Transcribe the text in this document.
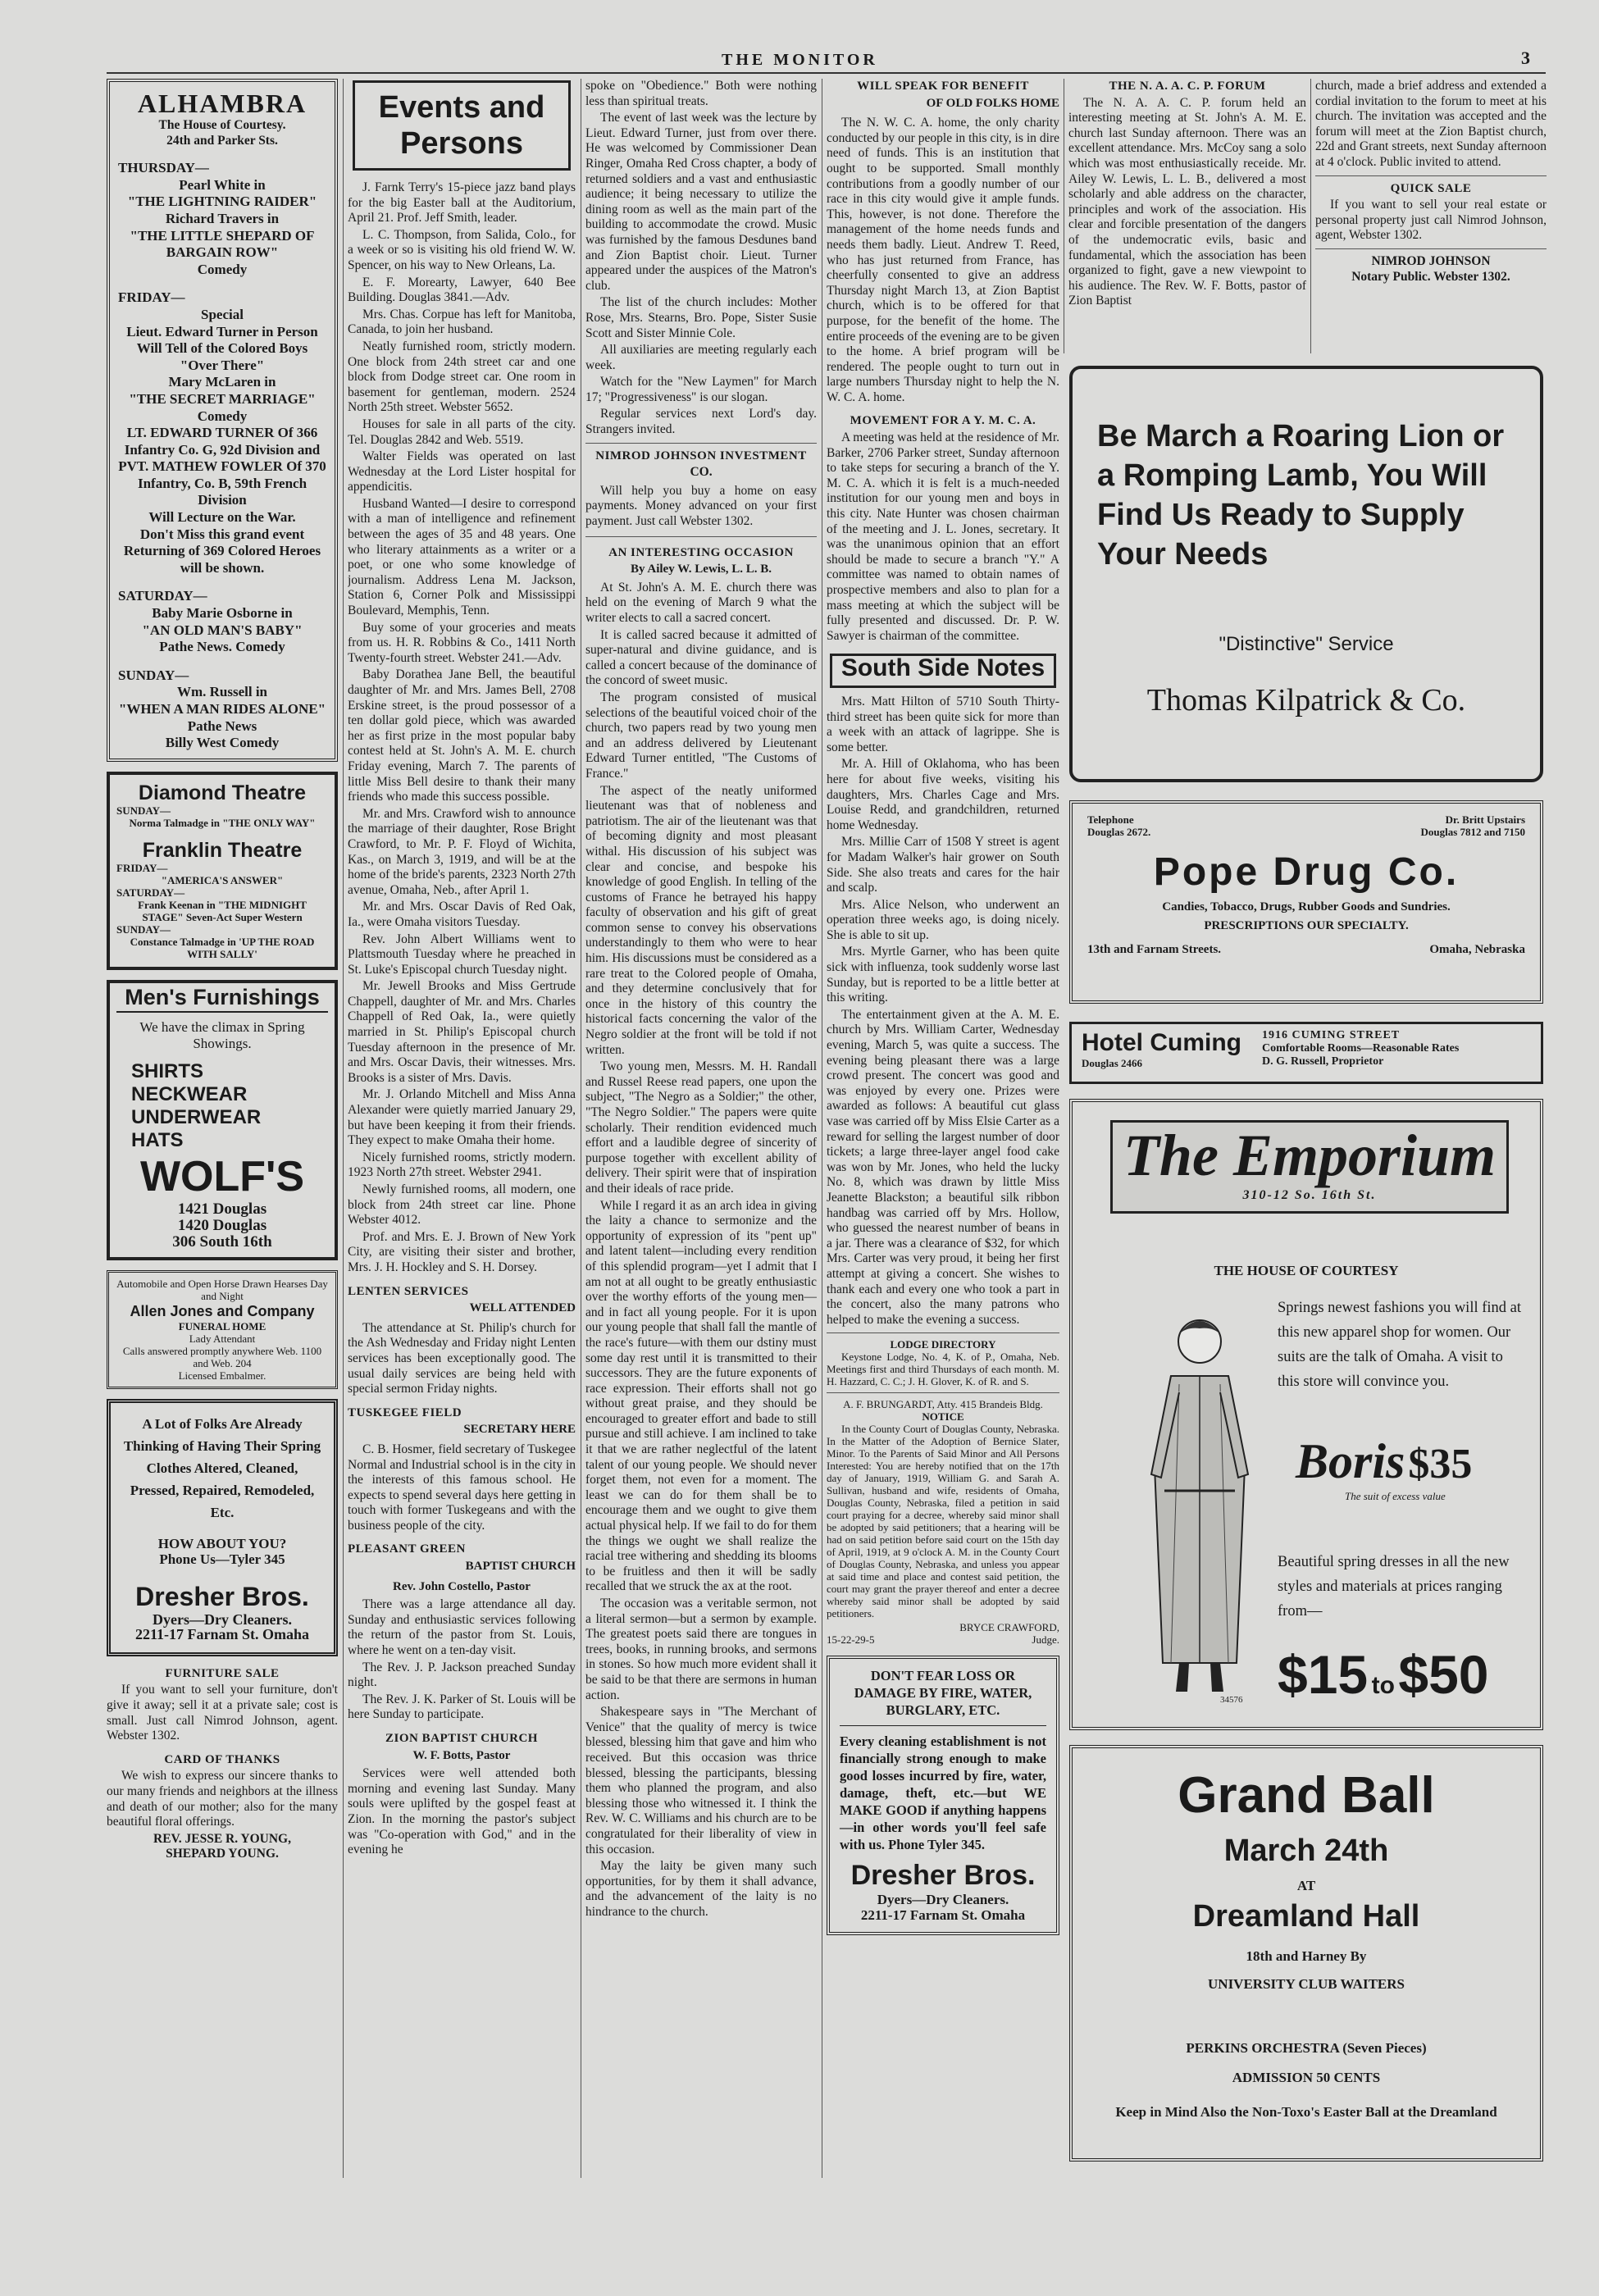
THE MONITOR	3
ALHAMBRA
The House of Courtesy.
24th and Parker Sts.
THURSDAY—
Pearl White in
"THE LIGHTNING RAIDER"
Richard Travers in
"THE LITTLE SHEPARD OF BARGAIN ROW"
Comedy
FRIDAY—
Special
Lieut. Edward Turner in Person Will Tell of the Colored Boys "Over There"
Mary McLaren in
"THE SECRET MARRIAGE"
Comedy
LT. EDWARD TURNER Of 366 Infantry Co. G, 92d Division and
PVT. MATHEW FOWLER Of 370 Infantry, Co. B, 59th French Division
Will Lecture on the War.
Don't Miss this grand event Returning of 369 Colored Heroes will be shown.
SATURDAY—
Baby Marie Osborne in
"AN OLD MAN'S BABY"
Pathe News. Comedy
SUNDAY—
Wm. Russell in
"WHEN A MAN RIDES ALONE"
Pathe News
Billy West Comedy
Diamond Theatre
SUNDAY—
Norma Talmadge in "THE ONLY WAY"
Franklin Theatre
FRIDAY—
"AMERICA'S ANSWER"
SATURDAY—
Frank Keenan in "THE MIDNIGHT STAGE" Seven-Act Super Western
SUNDAY—
Constance Talmadge in 'UP THE ROAD WITH SALLY'
Men's Furnishings
We have the climax in Spring Showings.
SHIRTS
NECKWEAR
UNDERWEAR
HATS
WOLF'S
1421 Douglas
1420 Douglas
306 South 16th
Automobile and Open Horse Drawn Hearses Day and Night
Allen Jones and Company
FUNERAL HOME
Lady Attendant
Calls answered promptly anywhere Web. 1100 and Web. 204
Licensed Embalmer.
A Lot of Folks Are Already Thinking of Having Their Spring Clothes Altered, Cleaned, Pressed, Repaired, Remodeled, Etc.
HOW ABOUT YOU?
Phone Us—Tyler 345
Dresher Bros.
Dyers—Dry Cleaners.
2211-17 Farnam St. Omaha
FURNITURE SALE

If you want to sell your furniture, don't give it away; sell it at a private sale; cost is small. Just call Nimrod Johnson, agent. Webster 1302.

CARD OF THANKS

We wish to express our sincere thanks to our many friends and neighbors at the illness and death of our mother; also for the many beautiful floral offerings.

REV. JESSE R. YOUNG,
SHEPARD YOUNG.
Events and
Persons

J. Farnk Terry's 15-piece jazz band plays for the big Easter ball at the Auditorium, April 21. Prof. Jeff Smith, leader.

L. C. Thompson, from Salida, Colo., for a week or so is visiting his old friend W. W. Spencer, on his way to New Orleans, La.

E. F. Morearty, Lawyer, 640 Bee Building. Douglas 3841.—Adv.

Mrs. Chas. Corpue has left for Manitoba, Canada, to join her husband.

Neatly furnished room, strictly modern. One block from 24th street car and one block from Dodge street car. One room in basement for gentleman, modern. 2524 North 25th street. Webster 5652.

Houses for sale in all parts of the city. Tel. Douglas 2842 and Web. 5519.

Walter Fields was operated on last Wednesday at the Lord Lister hospital for appendicitis.

Husband Wanted—I desire to correspond with a man of intelligence and refinement between the ages of 35 and 48 years. One who literary attainments as a writer or a poet, or one who some knowledge of journalism. Address Lena M. Jackson, Station 6, Corner Polk and Mississippi Boulevard, Memphis, Tenn.

Buy some of your groceries and meats from us. H. R. Robbins & Co., 1411 North Twenty-fourth street. Webster 241.—Adv.

Baby Dorathea Jane Bell, the beautiful daughter of Mr. and Mrs. James Bell, 2708 Erskine street, is the proud possessor of a ten dollar gold piece, which was awarded her as first prize in the most popular baby contest held at St. John's A. M. E. church Friday evening, March 7. The parents of little Miss Bell desire to thank their many friends who made this success possible.

Mr. and Mrs. Crawford wish to announce the marriage of their daughter, Rose Bright Crawford, to Mr. P. F. Floyd of Wichita, Kas., on March 3, 1919, and will be at the home of the bride's parents, 2323 North 27th avenue, Omaha, Neb., after April 1.

Mr. and Mrs. Oscar Davis of Red Oak, Ia., were Omaha visitors Tuesday.

Rev. John Albert Williams went to Plattsmouth Tuesday where he preached in St. Luke's Episcopal church Tuesday night.

Mr. Jewell Brooks and Miss Gertrude Chappell, daughter of Mr. and Mrs. Charles Chappell of Red Oak, Ia., were quietly married in St. Philip's Episcopal church Tuesday afternoon in the presence of Mr. and Mrs. Oscar Davis, their witnesses. Mrs. Brooks is a sister of Mrs. Davis.

Mr. J. Orlando Mitchell and Miss Anna Alexander were quietly married January 29, but have been keeping it from their friends. They expect to make Omaha their home.

Nicely furnished rooms, strictly modern. 1923 North 27th street. Webster 2941.

Newly furnished rooms, all modern, one block from 24th street car line. Phone Webster 4012.

Prof. and Mrs. E. J. Brown of New York City, are visiting their sister and brother, Mrs. J. H. Hockley and S. H. Dorsey.

LENTEN SERVICES
WELL ATTENDED

The attendance at St. Philip's church for the Ash Wednesday and Friday night Lenten services has been exceptionally good. The usual daily services are being held with special sermon Friday nights.

TUSKEGEE FIELD
SECRETARY HERE

C. B. Hosmer, field secretary of Tuskegee Normal and Industrial school is in the city in the interests of this famous school. He expects to spend several days here getting in touch with former Tuskegeans and with the business people of the city.

PLEASANT GREEN
BAPTIST CHURCH
Rev. John Costello, Pastor

There was a large attendance all day. Sunday and enthusiastic services following the return of the pastor from St. Louis, where he went on a ten-day visit.

The Rev. J. P. Jackson preached Sunday night.

The Rev. J. K. Parker of St. Louis will be here Sunday to participate.

ZION BAPTIST CHURCH
W. F. Botts, Pastor

Services were well attended both morning and evening last Sunday. Many souls were uplifted by the gospel feast at Zion. In the morning the pastor's subject was "Co-operation with God," and in the evening he

spoke on "Obedience." Both were nothing less than spiritual treats.

The event of last week was the lecture by Lieut. Edward Turner, just from over there. He was welcomed by Commissioner Dean Ringer, Omaha Red Cross chapter, a body of returned soldiers and a vast and enthusiastic audience; it being necessary to utilize the dining room as well as the main part of the building to accommodate the crowd. Music was furnished by the famous Desdunes band and Zion Baptist choir. Lieut. Turner appeared under the auspices of the Matron's club.

The list of the church includes: Mother Rose, Mrs. Stearns, Bro. Pope, Sister Susie Scott and Sister Minnie Cole.

All auxiliaries are meeting regularly each week.

Watch for the "New Laymen" for March 17; "Progressiveness" is our slogan.

Regular services next Lord's day. Strangers invited.

NIMROD JOHNSON INVESTMENT
CO.

Will help you buy a home on easy payments. Money advanced on your first payment. Just call Webster 1302.

AN INTERESTING OCCASION
By Ailey W. Lewis, L. L. B.

At St. John's A. M. E. church there was held on the evening of March 9 what the writer elects to call a sacred concert.

It is called sacred because it admitted of super-natural and divine guidance, and is called a concert because of the dominance of the concord of sweet music.

The program consisted of musical selections of the beautiful voiced choir of the church, two papers read by two young men and an address delivered by Lieutenant Edward Turner entitled, "The Customs of France."

The aspect of the neatly uniformed lieutenant was that of nobleness and patriotism. The air of the lieutenant was that of becoming dignity and most pleasant withal. His discussion of his subject was clear and concise, and bespoke his knowledge of good English. In telling of the customs of France he betrayed his happy faculty of observation and his gift of great common sense to convey his observations understandingly to them who were to hear him. His discussions must be considered as a rare treat to the Colored people of Omaha, and they determine conclusively that for once in the history of this country the historical facts concerning the valor of the Negro soldier at the front will be told if not written.

Two young men, Messrs. M. H. Randall and Russel Reese read papers, one upon the subject, "The Negro as a Soldier;" the other, "The Negro Soldier." The papers were quite scholarly. Their rendition evidenced much effort and a laudible degree of sincerity of purpose together with excellent ability of delivery. Their spirit were that of inspiration and their ideals of race pride.

While I regard it as an arch idea in giving the laity a chance to sermonize and the opportunity of expression of its "pent up" and latent talent—including every rendition of this splendid program—yet I admit that I am not at all ought to be greatly enthusiastic over the worthy efforts of the young men—and in fact all young people. For it is upon our young people that shall fall the mantle of the race's future—with them our dstiny must some day rest until it is transmitted to their successors. They are the future exponents of race expression. Their efforts shall not go without great praise, and they should be encouraged to greater effort and bade to still pursue and still achieve. I am inclined to take it that we are rather neglectful of the latent talent of our young people. We should never forget them, not even for a moment. The least we can do for them shall be to encourage them and we ought to give them actual physical help. If we fail to do for them the things we ought we shall realize the racial tree withering and shedding its blooms to be fruitless and then it will be sadly recalled that we struck the ax at the root.

The occasion was a veritable sermon, not a literal sermon—but a sermon by example. The greatest poets said there are tongues in trees, books, in running brooks, and sermons in stones. So how much more evident shall it be said to be that there are sermons in human action.

Shakespeare says in "The Merchant of Venice" that the quality of mercy is twice blessed, blessing him that gave and him who received. But this occasion was thrice blessed, blessing the participants, blessing them who planned the program, and also blessing those who witnessed it. I think the Rev. W. C. Williams and his church are to be congratulated for their liberality of view in this occasion.

May the laity be given many such opportunities, for by them it shall advance, and the advancement of the laity is no hindrance to the church.

WILL SPEAK FOR BENEFIT
OF OLD FOLKS HOME

The N. W. C. A. home, the only charity conducted by our people in this city, is in dire need of funds. This is an institution that ought to be supported. Small monthly contributions from a goodly number of our race in this city would give it ample funds. This, however, is not done. Therefore the management of the home needs funds and needs them badly. Lieut. Andrew T. Reed, who has just returned from France, has cheerfully consented to give an address Thursday night March 13, at Zion Baptist church, which is to be offered for that purpose, for the benefit of the home. The entire proceeds of the evening are to be given to the home. A brief program will be rendered. The people ought to turn out in large numbers Thursday night to help the N. W. C. A. home.

MOVEMENT FOR A Y. M. C. A.

A meeting was held at the residence of Mr. Barker, 2706 Parker street, Sunday afternoon to take steps for securing a branch of the Y. M. C. A. which it is felt is a much-needed institution for our young men and boys in this city. Nate Hunter was chosen chairman of the meeting and J. L. Jones, secretary. It was the unanimous opinion that an effort should be made to secure a branch "Y." A committee was named to obtain names of prospective members and also to plan for a mass meeting at which the subject will be fully presented and discussed. Dr. P. W. Sawyer is chairman of the committee.

South Side Notes

Mrs. Matt Hilton of 5710 South Thirty-third street has been quite sick for more than a week with an attack of lagrippe. She is some better.

Mr. A. Hill of Oklahoma, who has been here for about five weeks, visiting his daughters, Mrs. Charles Cage and Mrs. Louise Redd, and grandchildren, returned home Wednesday.

Mrs. Millie Carr of 1508 Y street is agent for Madam Walker's hair grower on South Side. She also treats and cares for the hair and scalp.

Mrs. Alice Nelson, who underwent an operation three weeks ago, is doing nicely. She is able to sit up.

Mrs. Myrtle Garner, who has been quite sick with influenza, took suddenly worse last Sunday, but is reported to be a little better at this writing.

The entertainment given at the A. M. E. church by Mrs. William Carter, Wednesday evening, March 5, was quite a success. The evening being pleasant there was a large crowd present. The concert was good and was enjoyed by every one. Prizes were awarded as follows: A beautiful cut glass vase was carried off by Miss Elsie Carter as a reward for selling the largest number of door tickets; a large three-layer angel food cake was won by Mr. Jones, who held the lucky No. 8, which was drawn by little Miss Jeanette Blackston; a beautiful silk ribbon handbag was carried off by Mrs. Hollow, who guessed the nearest number of beans in a jar. There was a clearance of $32, for which Mrs. Carter was very proud, it being her first attempt at giving a concert. She wishes to thank each and every one who took a part in the concert, also the many patrons who helped to make the evening a success.

LODGE DIRECTORY

Keystone Lodge, No. 4, K. of P., Omaha, Neb. Meetings first and third Thursdays of each month. M. H. Hazzard, C. C.; J. H. Glover, K. of R. and S.

A. F. BRUNGARDT, Atty. 415 Brandeis Bldg.
NOTICE

In the County Court of Douglas County, Nebraska. In the Matter of the Adoption of Bernice Slater, Minor. To the Parents of Said Minor and All Persons Interested: You are hereby notified that on the 17th day of January, 1919, William G. and Sarah A. Sullivan, husband and wife, residents of Omaha, Douglas County, Nebraska, filed a petition in said court praying for a decree, whereby said minor shall be adopted by said petitioners; that a hearing will be had on said petition before said court on the 15th day of April, 1919, at 9 o'clock A. M. in the County Court of Douglas County, Nebraska, and unless you appear at said time and place and contest said petition, the court may grant the prayer thereof and enter a decree whereby said minor shall be adopted by said petitioners.

BRYCE CRAWFORD,
15-22-29-5	Judge.
DON'T FEAR LOSS OR DAMAGE BY FIRE, WATER, BURGLARY, ETC.
Every cleaning establishment is not financially strong enough to make good losses incurred by fire, water, damage, theft, etc.—but WE MAKE GOOD if anything happens—in other words you'll feel safe with us. Phone Tyler 345.
Dresher Bros.
Dyers—Dry Cleaners.
2211-17 Farnam St. Omaha
THE N. A. A. C. P. FORUM

The N. A. A. C. P. forum held an interesting meeting at St. John's A. M. E. church last Sunday afternoon. There was an excellent attendance. Mrs. McCoy sang a solo which was most enthusiastically receide. Mr. Ailey W. Lewis, L. L. B., delivered a most scholarly and able address on the character, principles and work of the association. His clear and forcible presentation of the dangers of the undemocratic evils, basic and fundamental, which the association has been organized to fight, gave a new viewpoint to his audience. The Rev. W. F. Botts, pastor of Zion Baptist

church, made a brief address and extended a cordial invitation to the forum to meet at his church. The invitation was accepted and the forum will meet at the Zion Baptist church, 22d and Grant streets, next Sunday afternoon at 4 o'clock. Public invited to attend.

QUICK SALE

If you want to sell your real estate or personal property just call Nimrod Johnson, agent, Webster 1302.

NIMROD JOHNSON
Notary Public. Webster 1302.
Be March a Roaring Lion or a Romping Lamb, You Will Find Us Ready to Supply Your Needs
"Distinctive" Service
Thomas Kilpatrick & Co.
Telephone
Douglas 2672.
Dr. Britt Upstairs
Douglas 7812 and 7150
Pope Drug Co.
Candies, Tobacco, Drugs, Rubber Goods and Sundries.
PRESCRIPTIONS OUR SPECIALTY.
13th and Farnam Streets.	Omaha, Nebraska
Hotel Cuming
Douglas 2466
1916 CUMING STREET
Comfortable Rooms—Reasonable Rates
D. G. Russell, Proprietor
The Emporium
310-12 So. 16th St.
THE HOUSE OF COURTESY
34576
Springs newest fashions you will find at this new apparel shop for women. Our suits are the talk of Omaha. A visit to this store will convince you.
Boris $35
The suit of excess value
Beautiful spring dresses in all the new styles and materials at prices ranging from—
$15 to $50
Grand Ball
March 24th
AT
Dreamland Hall
18th and Harney By
UNIVERSITY CLUB WAITERS
PERKINS ORCHESTRA (Seven Pieces)
ADMISSION 50 CENTS
Keep in Mind Also the Non-Toxo's Easter Ball at the Dreamland
